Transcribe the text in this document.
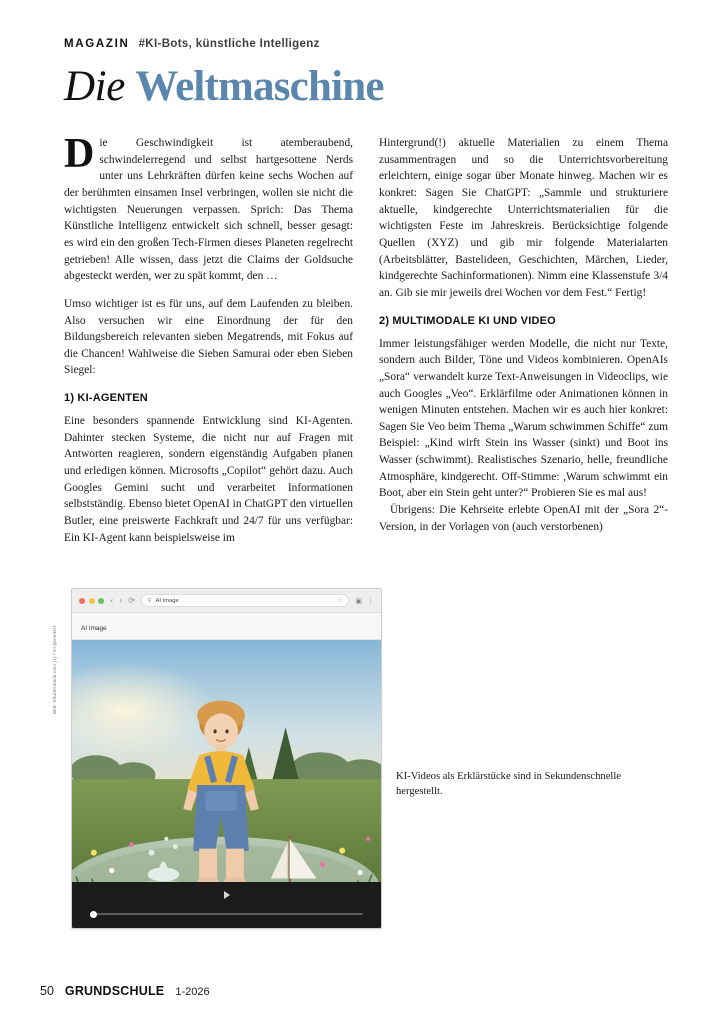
MAGAZIN #KI-Bots, künstliche Intelligenz
Die Weltmaschine

Die Geschwindigkeit ist atemberaubend, schwindelerregend und selbst hartgesottene Nerds unter uns Lehrkräften dürfen keine sechs Wochen auf der berühmten einsamen Insel verbringen, wollen sie nicht die wichtigsten Neuerungen verpassen. Sprich: Das Thema Künstliche Intelligenz entwickelt sich schnell, besser gesagt: es wird ein den großen Tech-Firmen dieses Planeten regelrecht getrieben! Alle wissen, dass jetzt die Claims der Goldsuche abgesteckt werden, wer zu spät kommt, den …

Umso wichtiger ist es für uns, auf dem Laufenden zu bleiben. Also versuchen wir eine Einordnung der für den Bildungsbereich relevanten sieben Megatrends, mit Fokus auf die Chancen! Wahlweise die Sieben Samurai oder eben Sieben Siegel:

1) KI-AGENTEN

Eine besonders spannende Entwicklung sind KI-Agenten. Dahinter stecken Systeme, die nicht nur auf Fragen mit Antworten reagieren, sondern eigenständig Aufgaben planen und erledigen können. Microsofts „Copilot“ gehört dazu. Auch Googles Gemini sucht und verarbeitet Informationen selbstständig. Ebenso bietet OpenAI in ChatGPT den virtuellen Butler, eine preiswerte Fachkraft und 24/7 für uns verfügbar: Ein KI-Agent kann beispielsweise im

Hintergrund(!) aktuelle Materialien zu einem Thema zusammentragen und so die Unterrichtsvorbereitung erleichtern, einige sogar über Monate hinweg. Machen wir es konkret: Sagen Sie ChatGPT: „Sammle und strukturiere aktuelle, kindgerechte Unterrichtsmaterialien für die wichtigsten Feste im Jahreskreis. Berücksichtige folgende Quellen (XYZ) und gib mir folgende Materialarten (Arbeitsblätter, Bastelideen, Geschichten, Märchen, Lieder, kindgerechte Sachinformationen). Nimm eine Klassenstufe 3/4 an. Gib sie mir jeweils drei Wochen vor dem Fest.“ Fertig!

2) MULTIMODALE KI UND VIDEO

Immer leistungsfähiger werden Modelle, die nicht nur Texte, sondern auch Bilder, Töne und Videos kombinieren. OpenAIs „Sora“ verwandelt kurze Text-Anweisungen in Videoclips, wie auch Googles „Veo“. Erklärfilme oder Animationen können in wenigen Minuten entstehen. Machen wir es auch hier konkret: Sagen Sie Veo beim Thema „Warum schwimmen Schiffe“ zum Beispiel: „Kind wirft Stein ins Wasser (sinkt) und Boot ins Wasser (schwimmt). Realistisches Szenario, helle, freundliche Atmosphäre, kindgerecht. Off-Stimme: ,Warum schwimmt ein Boot, aber ein Stein geht unter?“ Probieren Sie es mal aus!

Übrigens: Die Kehrseite erlebte OpenAI mit der „Sora 2“-Version, in der Vorlagen von (auch verstorbenen)

Bild: Shutterstock.com (1) / KI generiert
‹ › ⟳ ⚲ AI Image	☆ ▣ ⋮
AI Image
KI-Videos als Erklärstücke sind in Sekundenschnelle hergestellt.
50 GRUNDSCHULE 1-2026
